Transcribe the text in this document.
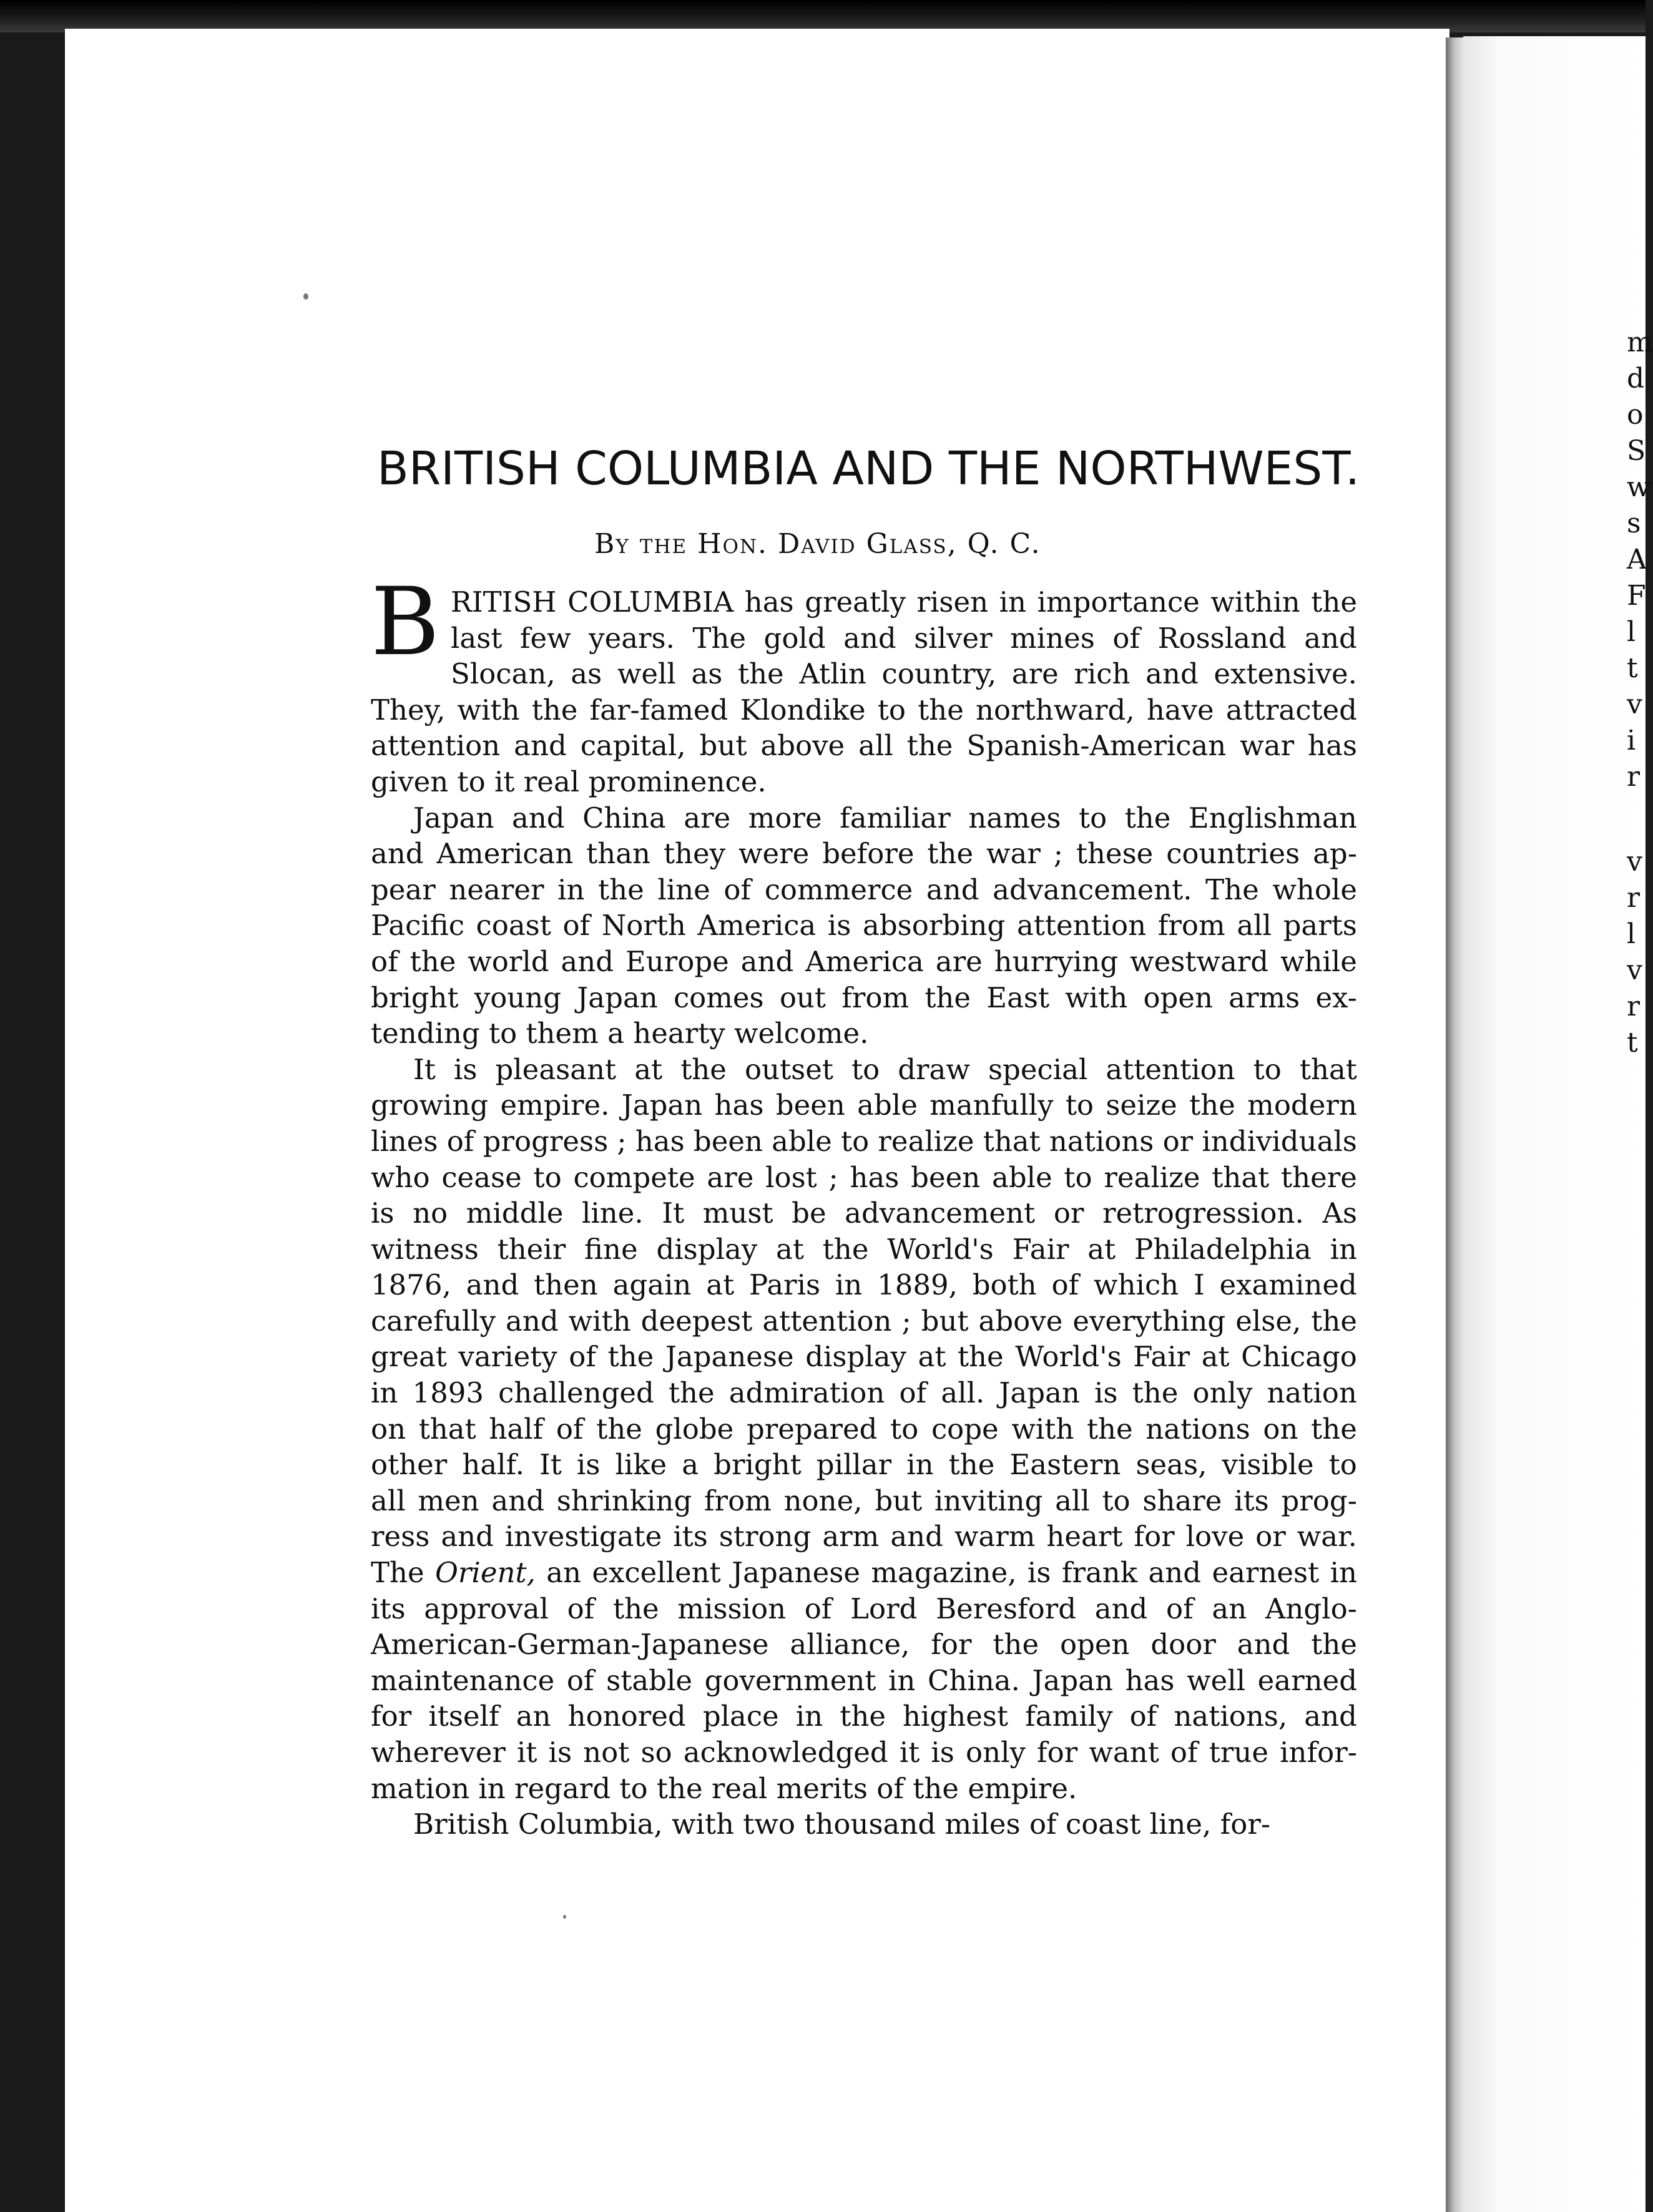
m
d
o
S
w
s
A
F
l
t
v
i
r
v
r
l
v
r
t
BRITISH COLUMBIA AND THE NORTHWEST.
By the Hon. David Glass, Q. C.
B RITISH COLUMBIA has greatly risen in importance within the
last few years. The gold and silver mines of Rossland and
Slocan, as well as the Atlin country, are rich and extensive.
They, with the far-famed Klondike to the northward, have attracted
attention and capital, but above all the Spanish-American war has
given to it real prominence.
Japan and China are more familiar names to the Englishman
and American than they were before the war ; these countries ap-
pear nearer in the line of commerce and advancement. The whole
Pacific coast of North America is absorbing attention from all parts
of the world and Europe and America are hurrying westward while
bright young Japan comes out from the East with open arms ex-
tending to them a hearty welcome.
It is pleasant at the outset to draw special attention to that
growing empire. Japan has been able manfully to seize the modern
lines of progress ; has been able to realize that nations or individuals
who cease to compete are lost ; has been able to realize that there
is no middle line. It must be advancement or retrogression. As
witness their fine display at the World's Fair at Philadelphia in
1876, and then again at Paris in 1889, both of which I examined
carefully and with deepest attention ; but above everything else, the
great variety of the Japanese display at the World's Fair at Chicago
in 1893 challenged the admiration of all. Japan is the only nation
on that half of the globe prepared to cope with the nations on the
other half. It is like a bright pillar in the Eastern seas, visible to
all men and shrinking from none, but inviting all to share its prog-
ress and investigate its strong arm and warm heart for love or war.
The Orient, an excellent Japanese magazine, is frank and earnest in
its approval of the mission of Lord Beresford and of an Anglo-
American-German-Japanese alliance, for the open door and the
maintenance of stable government in China. Japan has well earned
for itself an honored place in the highest family of nations, and
wherever it is not so acknowledged it is only for want of true infor-
mation in regard to the real merits of the empire.
British Columbia, with two thousand miles of coast line, for-
